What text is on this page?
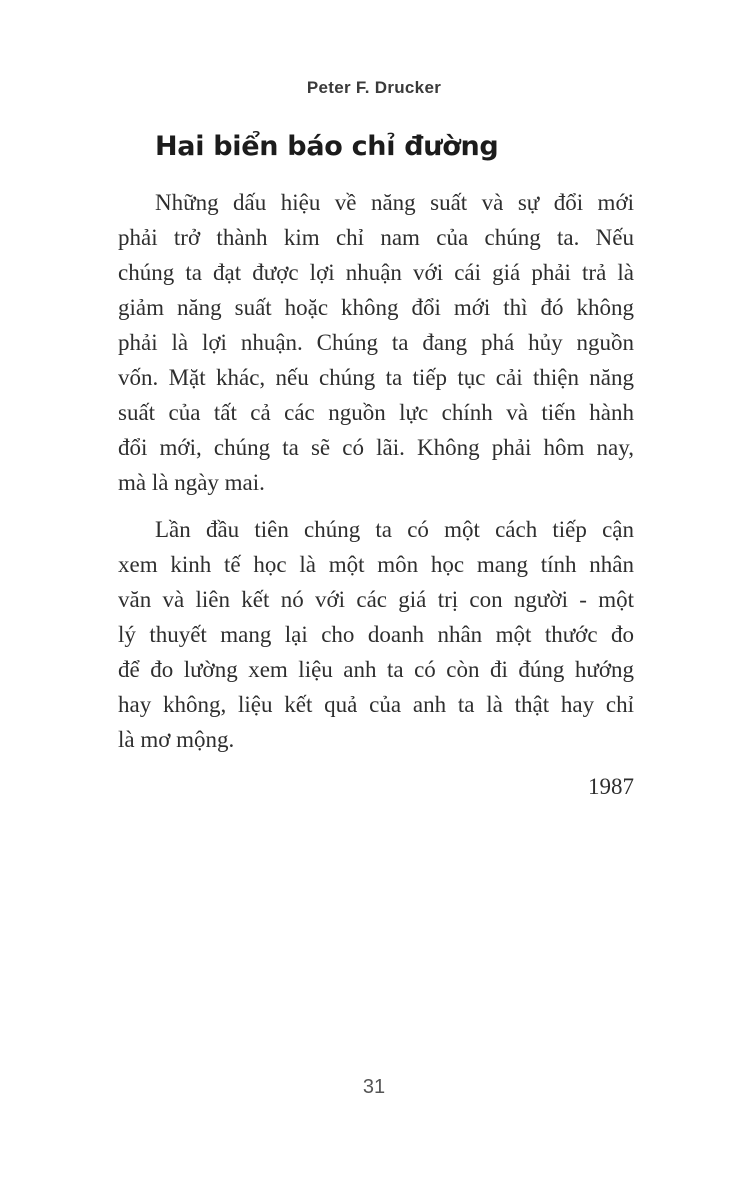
Peter F. Drucker
Hai biển báo chỉ đường
Những dấu hiệu về năng suất và sự đổi mới
phải trở thành kim chỉ nam của chúng ta. Nếu
chúng ta đạt được lợi nhuận với cái giá phải trả là
giảm năng suất hoặc không đổi mới thì đó không
phải là lợi nhuận. Chúng ta đang phá hủy nguồn
vốn. Mặt khác, nếu chúng ta tiếp tục cải thiện năng
suất của tất cả các nguồn lực chính và tiến hành
đổi mới, chúng ta sẽ có lãi. Không phải hôm nay,
mà là ngày mai.
Lần đầu tiên chúng ta có một cách tiếp cận
xem kinh tế học là một môn học mang tính nhân
văn và liên kết nó với các giá trị con người - một
lý thuyết mang lại cho doanh nhân một thước đo
để đo lường xem liệu anh ta có còn đi đúng hướng
hay không, liệu kết quả của anh ta là thật hay chỉ
là mơ mộng.
1987
31
